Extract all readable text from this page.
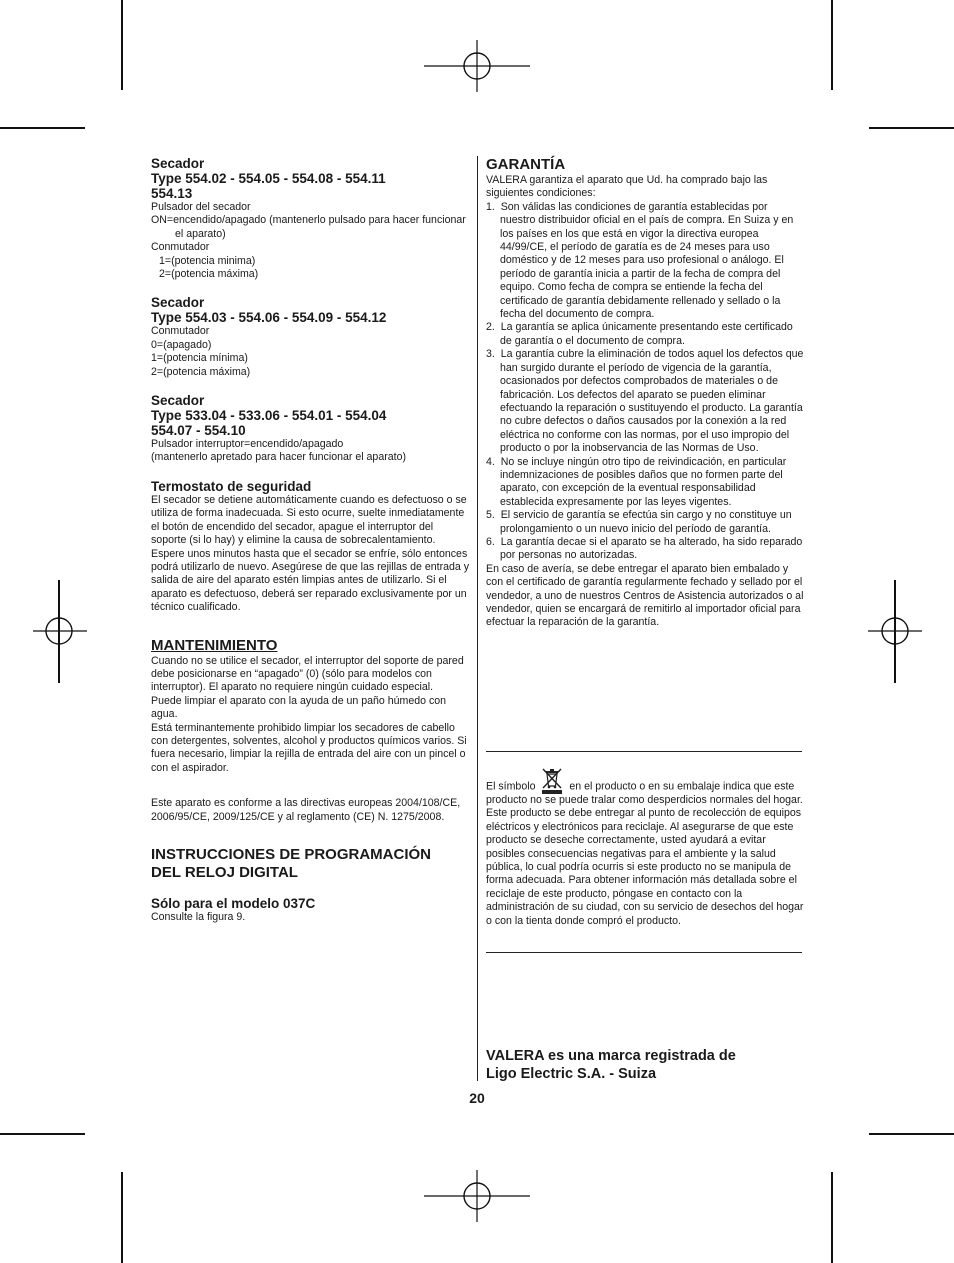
Secador

Type 554.02 - 554.05 - 554.08 - 554.11

554.13

Pulsador del secador

ON=encendido/apagado (mantenerlo pulsado para hacer funcionar

el aparato)

Conmutador

1=(potencia minima)

2=(potencia máxima)

Secador

Type 554.03 - 554.06 - 554.09 - 554.12

Conmutador

0=(apagado)

1=(potencia mínima)

2=(potencia máxima)

Secador

Type 533.04 - 533.06 - 554.01 - 554.04

554.07 - 554.10

Pulsador interruptor=encendido/apagado

(mantenerlo apretado para hacer funcionar el aparato)

Termostato de seguridad

El secador se detiene automáticamente cuando es defectuoso o se utiliza de forma inadecuada. Si esto ocurre, suelte inmediatamente el botón de encendido del secador, apague el interruptor del soporte (si lo hay) y elimine la causa de sobrecalentamiento. Espere unos minutos hasta que el secador se enfríe, sólo entonces podrá utilizarlo de nuevo. Asegúrese de que las rejillas de entrada y salida de aire del aparato estén limpias antes de utilizarlo. Si el aparato es defectuoso, deberá ser reparado exclusivamente por un técnico cualificado.

MANTENIMIENTO

Cuando no se utilice el secador, el interruptor del soporte de pared debe posicionarse en “apagado” (0) (sólo para modelos con interruptor). El aparato no requiere ningún cuidado especial.

Puede limpiar el aparato con la ayuda de un paño húmedo con agua.

Está terminantemente prohibido limpiar los secadores de cabello con detergentes, solventes, alcohol y productos químicos varios. Si fuera necesario, limpiar la rejilla de entrada del aire con un pincel o con el aspirador.

Este aparato es conforme a las directivas europeas 2004/108/CE, 2006/95/CE, 2009/125/CE y al reglamento (CE) N. 1275/2008.

INSTRUCCIONES DE PROGRAMACIÓN

DEL RELOJ DIGITAL

Sólo para el modelo 037C

Consulte la figura 9.

GARANTÍA

VALERA garantiza el aparato que Ud. ha comprado bajo las siguientes condiciones:

1.  Son válidas las condiciones de garantía establecidas por nuestro distribuidor oficial en el país de compra. En Suiza y en los países en los que está en vigor la directiva europea 44/99/CE, el período de garatía es de 24 meses para uso doméstico y de 12 meses para uso profesional o análogo. El período de garantía inicia a partir de la fecha de compra del equipo. Como fecha de compra se entiende la fecha del certificado de garantía debidamente rellenado y sellado o la fecha del documento de compra.
2.  La garantía se aplica únicamente presentando este certificado de garantía o el documento de compra.
3.  La garantía cubre la eliminación de todos aquel los defectos que han surgido durante el período de vigencia de la garantía, ocasionados por defectos comprobados de materiales o de fabricación. Los defectos del aparato se pueden eliminar efectuando la reparación o sustituyendo el producto. La garantía no cubre defectos o daños causados por la conexión a la red eléctrica no conforme con las normas, por el uso impropio del producto o por la inobservancia de las Normas de Uso.
4.  No se incluye ningún otro tipo de reivindicación, en particular indemnizaciones de posibles daños que no formen parte del aparato, con excepción de la eventual responsabilidad establecida expresamente por las leyes vigentes.
5.  El servicio de garantía se efectúa sin cargo y no constituye un prolongamiento o un nuevo inicio del período de garantía.
6.  La garantía decae si el aparato se ha alterado, ha sido reparado por personas no autorizadas.

En caso de avería, se debe entregar el aparato bien embalado y con el certificado de garantía regularmente fechado y sellado por el vendedor, a uno de nuestros Centros de Asistencia autorizados o al vendedor, quien se encargará de remitirlo al importador oficial para efectuar la reparación de la garantía.

El símbolo	en el producto o en su embalaje indica que este producto no se puede tralar como desperdicios normales del hogar. Este producto se debe entregar al punto de recolección de equipos eléctricos y electrónicos para reciclaje. Al asegurarse de que este producto se deseche correctamente, usted ayudará a evitar posibles consecuencias negativas para el ambiente y la salud pública, lo cual podría ocurris si este producto no se manipula de forma adecuada. Para obtener información más detallada sobre el reciclaje de este producto, póngase en contacto con la administración de su ciudad, con su servicio de desechos del hogar o con la tienta donde compró el producto.

VALERA es una marca registrada de

Ligo Electric S.A. - Suiza

20
